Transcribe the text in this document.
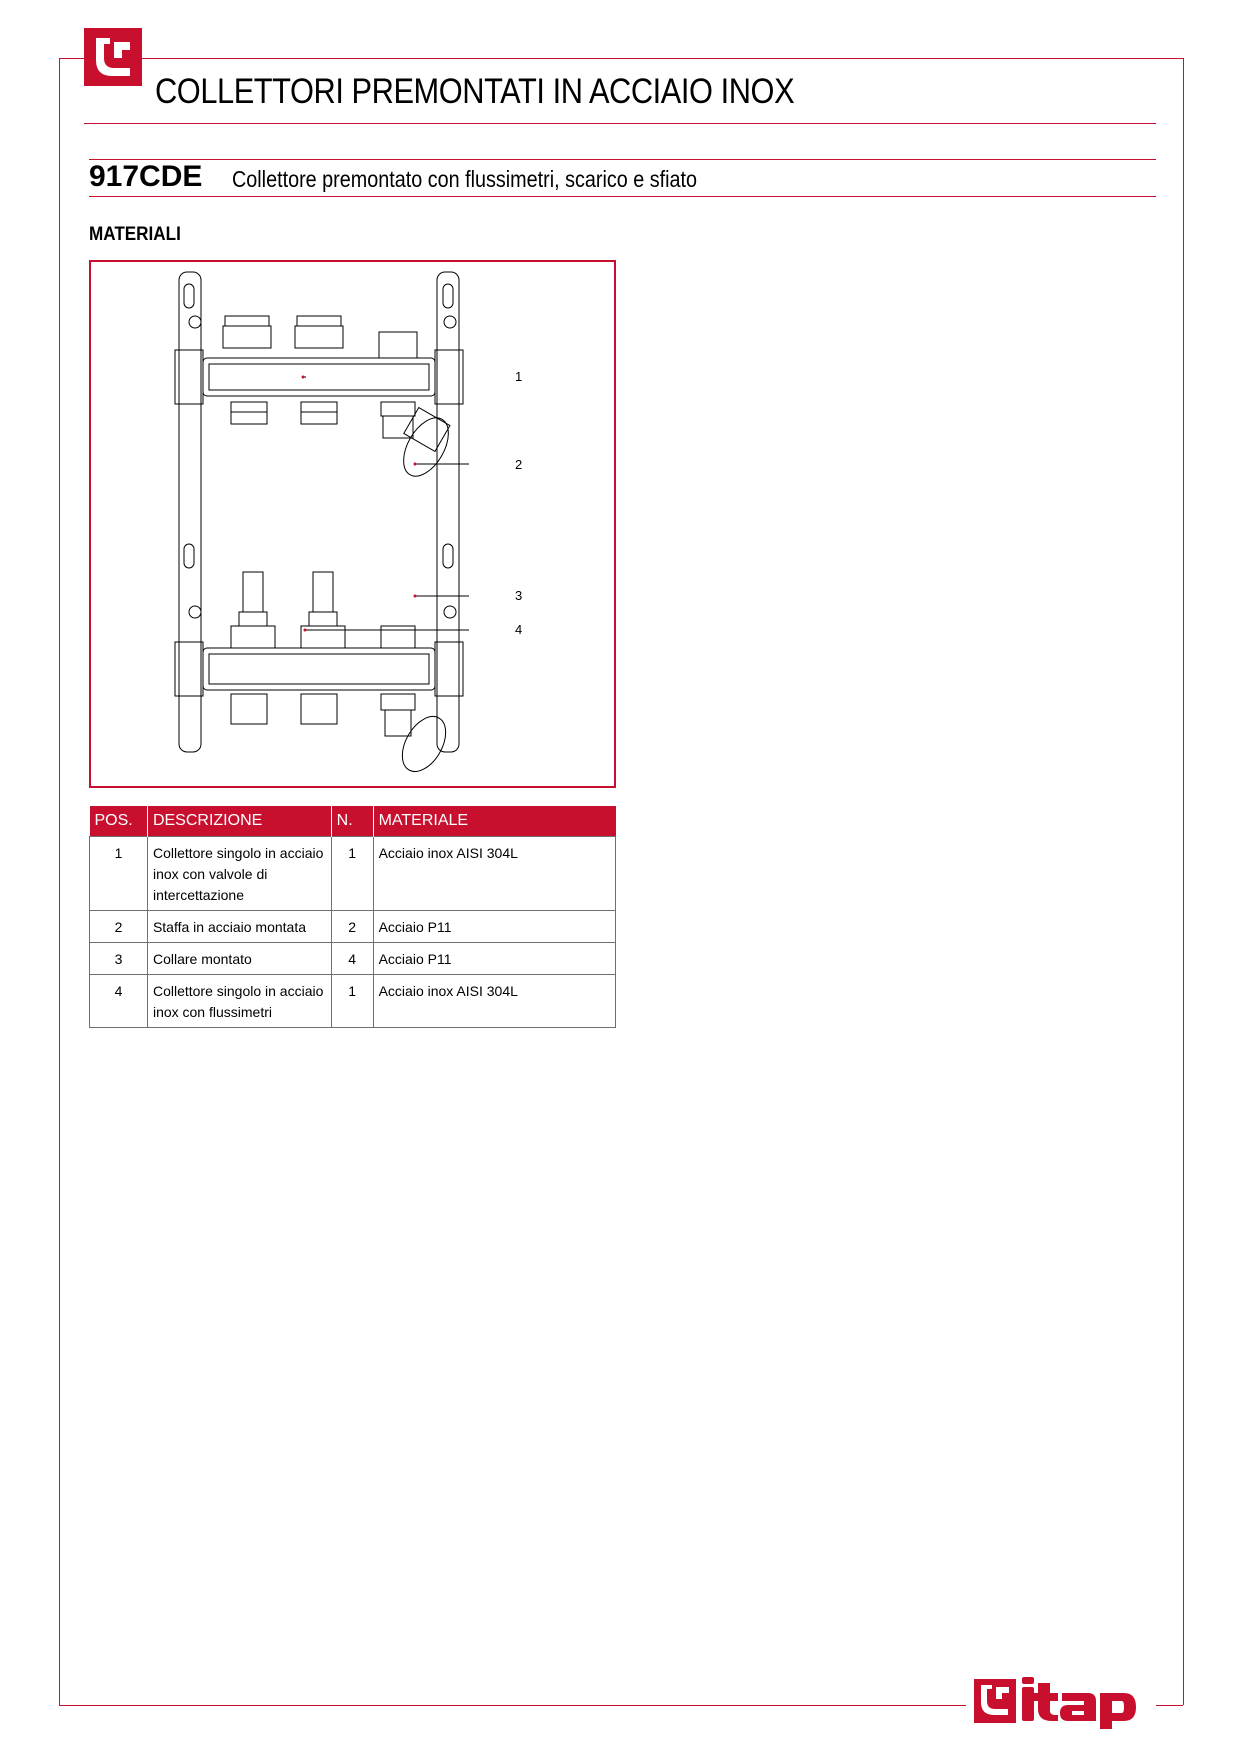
COLLETTORI PREMONTATI IN ACCIAIO INOX
917CDE Collettore premontato con flussimetri, scarico e sfiato
MATERIALI
1
2
3
4
POS.	DESCRIZIONE	N.	MATERIALE
1	Collettore singolo in acciaio inox con valvole di intercettazione	1	Acciaio inox AISI 304L
2	Staffa in acciaio montata	2	Acciaio P11
3	Collare montato	4	Acciaio P11
4	Collettore singolo in acciaio inox con flussimetri	1	Acciaio inox AISI 304L
